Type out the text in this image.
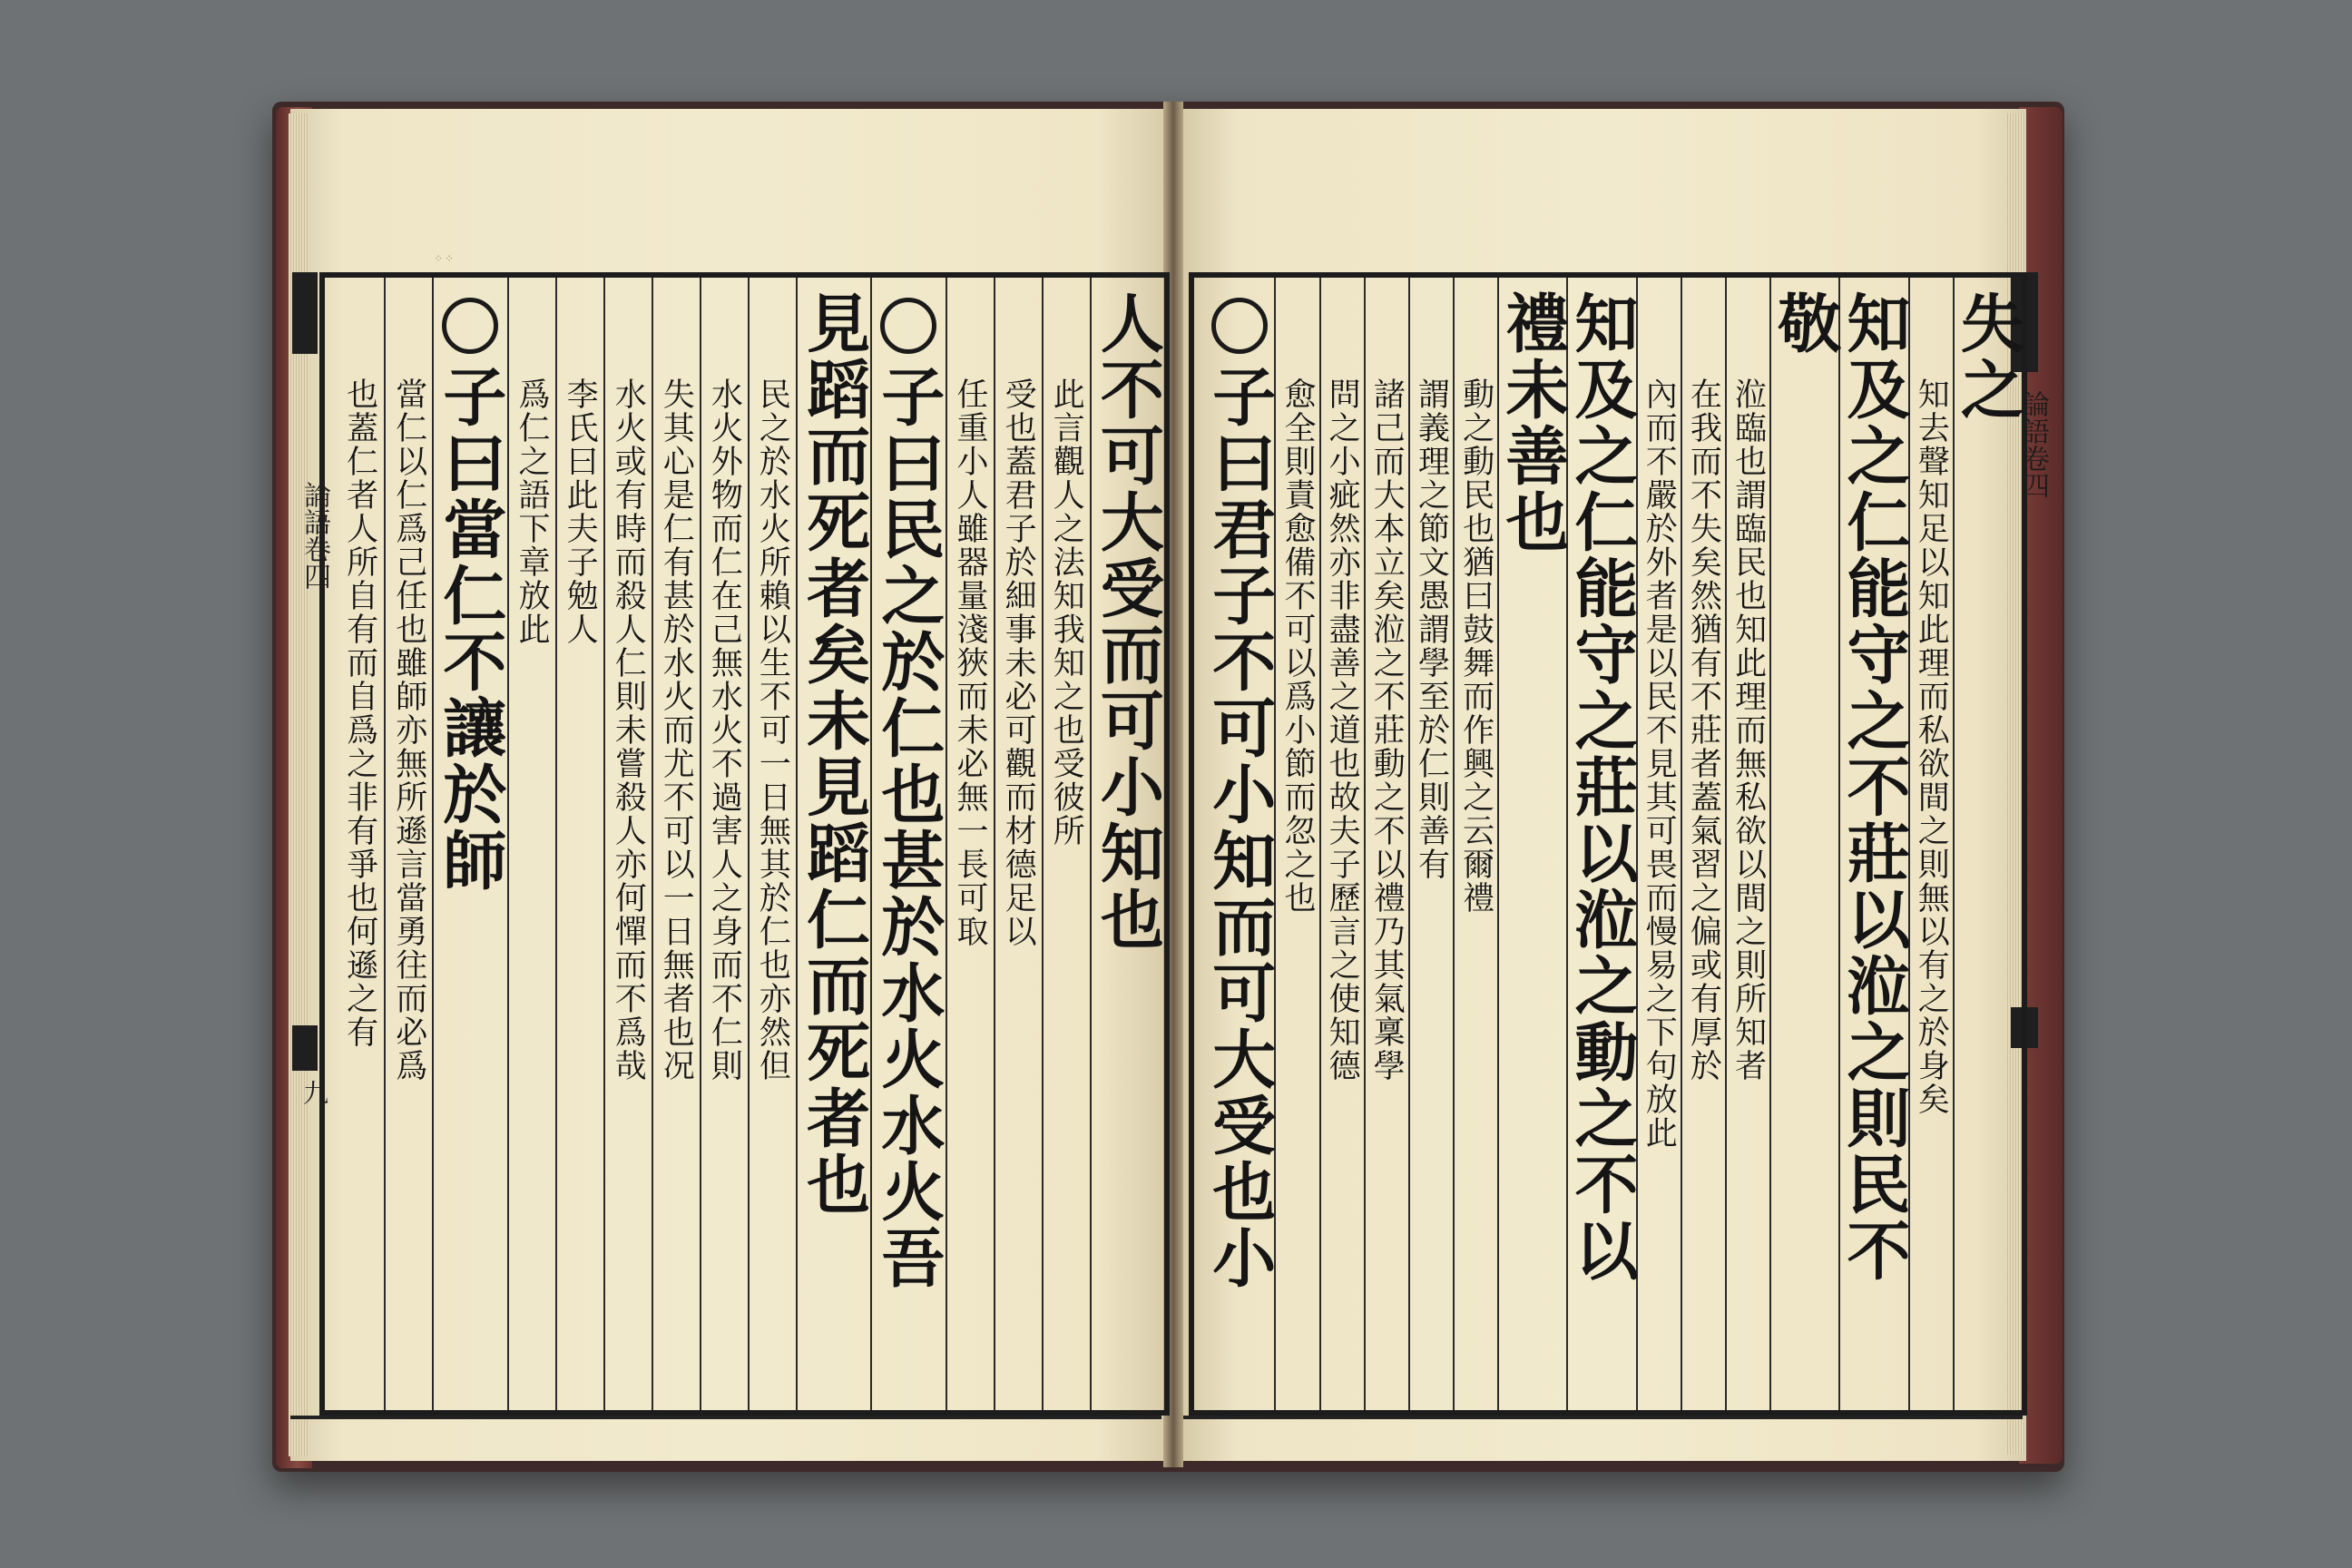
⁘⁘
論語卷四
九
論語卷四
人不可大受而可小知也
此言觀人之法知我知之也受彼所
受也蓋君子於細事未必可觀而材德足以
任重小人雖器量淺狹而未必無一長可取
子曰民之於仁也甚於水火水火吾
見蹈而死者矣未見蹈仁而死者也
民之於水火所賴以生不可一日無其於仁也亦然但
水火外物而仁在己無水火不過害人之身而不仁則
失其心是仁有甚於水火而尤不可以一日無者也况
水火或有時而殺人仁則未嘗殺人亦何憚而不爲哉
李氏曰此夫子勉人
爲仁之語下章放此
子曰當仁不讓於師
當仁以仁爲己任也雖師亦無所遜言當勇往而必爲
也蓋仁者人所自有而自爲之非有爭也何遜之有
失之
知去聲知足以知此理而私欲間之則無以有之於身矣
知及之仁能守之不莊以涖之則民不
敬
涖臨也謂臨民也知此理而無私欲以間之則所知者
在我而不失矣然猶有不莊者蓋氣習之偏或有厚於
內而不嚴於外者是以民不見其可畏而慢易之下句放此
知及之仁能守之莊以涖之動之不以
禮未善也
動之動民也猶曰鼓舞而作興之云爾禮
謂義理之節文愚謂學至於仁則善有
諸己而大本立矣涖之不莊動之不以禮乃其氣稟學
問之小疵然亦非盡善之道也故夫子歷言之使知德
愈全則責愈備不可以爲小節而忽之也
子曰君子不可小知而可大受也小
